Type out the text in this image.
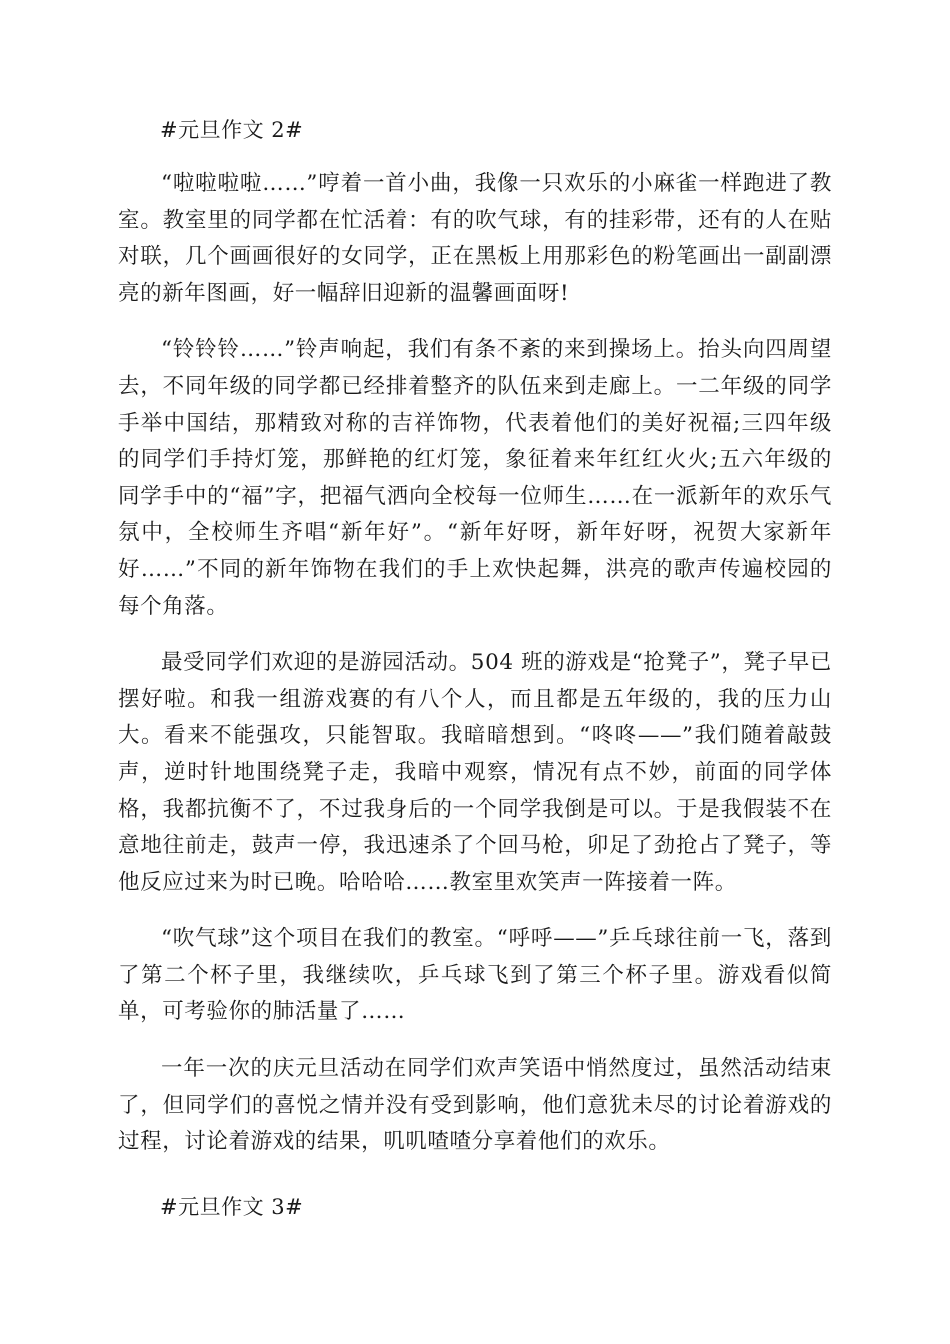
#元旦作文 2#

“啦啦啦啦……”哼着一首小曲，我像一只欢乐的小麻雀一样跑进了教室。教室里的同学都在忙活着：有的吹气球，有的挂彩带，还有的人在贴对联，几个画画很好的女同学，正在黑板上用那彩色的粉笔画出一副副漂亮的新年图画，好一幅辞旧迎新的温馨画面呀!

“铃铃铃……”铃声响起，我们有条不紊的来到操场上。抬头向四周望去，不同年级的同学都已经排着整齐的队伍来到走廊上。一二年级的同学手举中国结，那精致对称的吉祥饰物，代表着他们的美好祝福;三四年级的同学们手持灯笼，那鲜艳的红灯笼，象征着来年红红火火;五六年级的同学手中的“福”字，把福气洒向全校每一位师生……在一派新年的欢乐气氛中，全校师生齐唱“新年好”。“新年好呀，新年好呀，祝贺大家新年好……”不同的新年饰物在我们的手上欢快起舞，洪亮的歌声传遍校园的每个角落。

最受同学们欢迎的是游园活动。504 班的游戏是“抢凳子”，凳子早已摆好啦。和我一组游戏赛的有八个人，而且都是五年级的，我的压力山大。看来不能强攻，只能智取。我暗暗想到。“咚咚——”我们随着敲鼓声，逆时针地围绕凳子走，我暗中观察，情况有点不妙，前面的同学体格，我都抗衡不了，不过我身后的一个同学我倒是可以。于是我假装不在意地往前走，鼓声一停，我迅速杀了个回马枪，卯足了劲抢占了凳子，等他反应过来为时已晚。哈哈哈……教室里欢笑声一阵接着一阵。

“吹气球”这个项目在我们的教室。“呼呼——”乒乓球往前一飞，落到了第二个杯子里，我继续吹，乒乓球飞到了第三个杯子里。游戏看似简单，可考验你的肺活量了……

一年一次的庆元旦活动在同学们欢声笑语中悄然度过，虽然活动结束了，但同学们的喜悦之情并没有受到影响，他们意犹未尽的讨论着游戏的过程，讨论着游戏的结果，叽叽喳喳分享着他们的欢乐。

#元旦作文 3#
